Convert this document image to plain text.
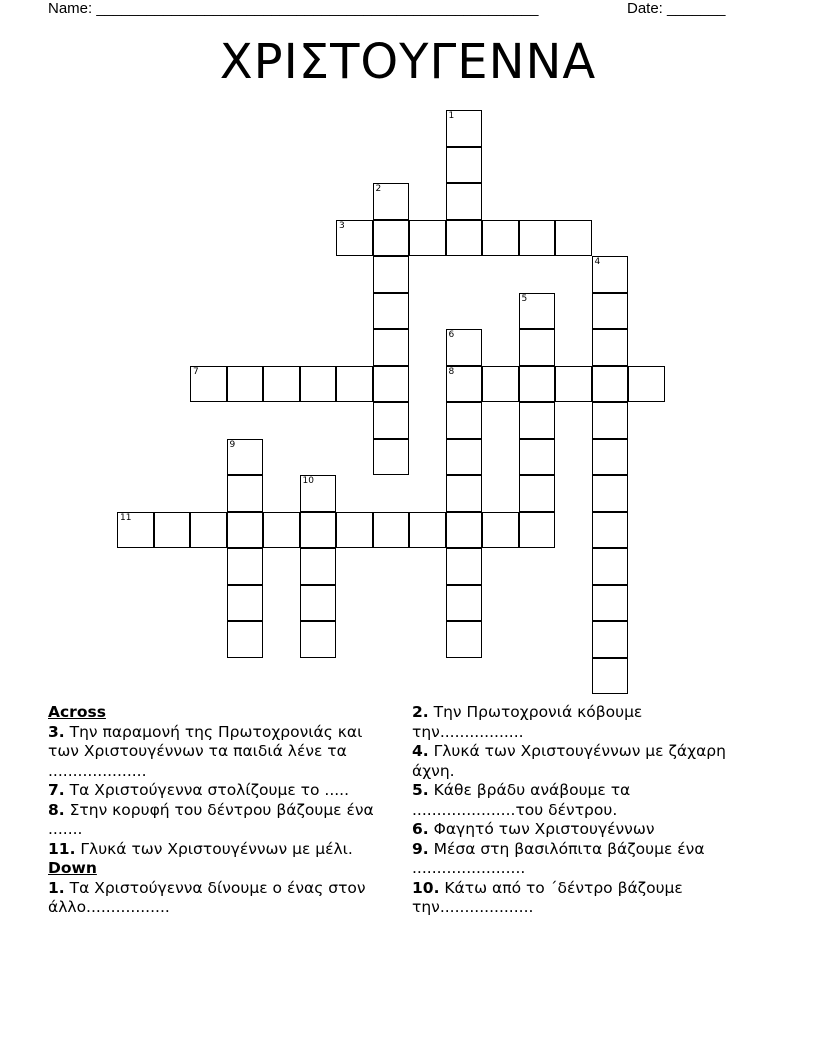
Name: _____________________________________________________	Date: _______
ΧΡΙΣΤΟΥΓΕΝΝΑ
1
2
3
4
5
6
8
7
9
10
11
Across
3. Την παραμονή της Πρωτοχρονιάς και των Χριστουγέννων τα παιδιά λένε τα ....................
7. Τα Χριστούγεννα στολίζουμε το .....
8. Στην κορυφή του δέντρου βάζουμε ένα .......
11. Γλυκά των Χριστουγέννων με μέλι.
Down
1. Τα Χριστούγεννα δίνουμε ο ένας στον άλλο.................
2. Την Πρωτοχρονιά κόβουμε την.................
4. Γλυκά των Χριστουγέννων με ζάχαρη άχνη.
5. Κάθε βράδυ ανάβουμε τα .....................του δέντρου.
6. Φαγητό των Χριστουγέννων
9. Μέσα στη βασιλόπιτα βάζουμε ένα .......................
10. Κάτω από το ΄δέντρο βάζουμε την...................
